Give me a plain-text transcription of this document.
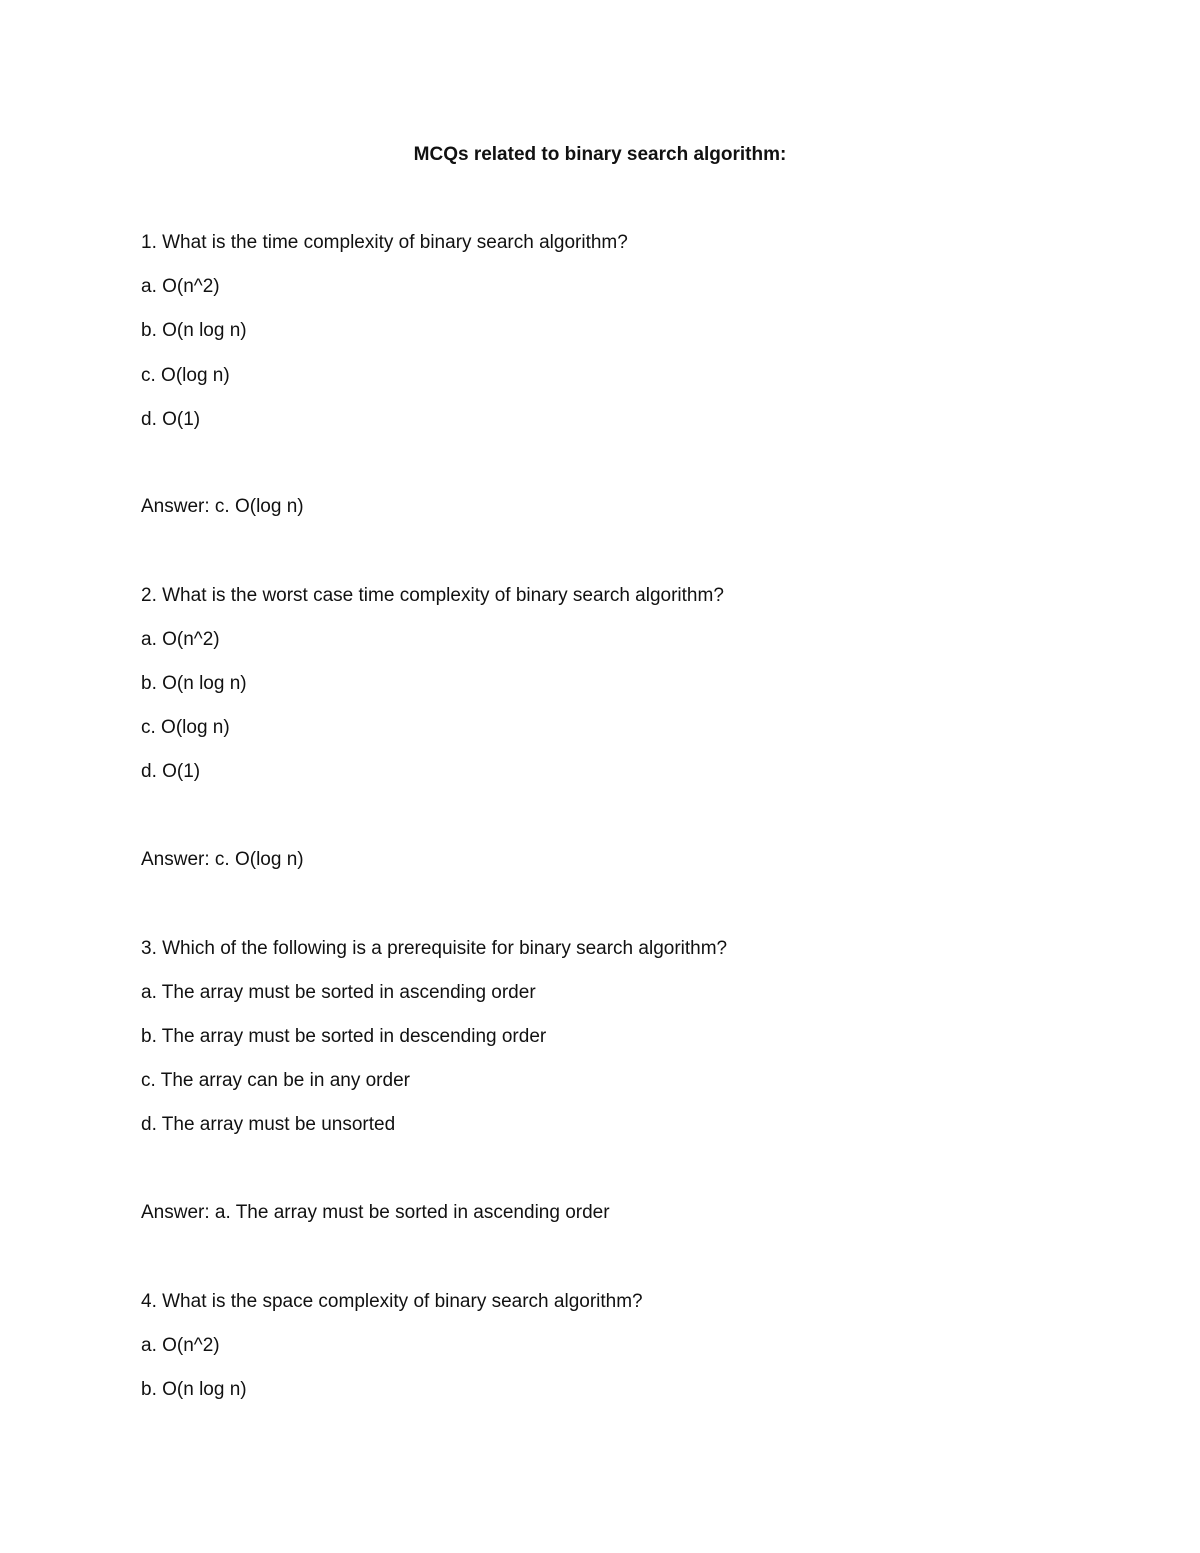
MCQs related to binary search algorithm:
1. What is the time complexity of binary search algorithm?
a. O(n^2)
b. O(n log n)
c. O(log n)
d. O(1)
Answer: c. O(log n)
2. What is the worst case time complexity of binary search algorithm?
a. O(n^2)
b. O(n log n)
c. O(log n)
d. O(1)
Answer: c. O(log n)
3. Which of the following is a prerequisite for binary search algorithm?
a. The array must be sorted in ascending order
b. The array must be sorted in descending order
c. The array can be in any order
d. The array must be unsorted
Answer: a. The array must be sorted in ascending order
4. What is the space complexity of binary search algorithm?
a. O(n^2)
b. O(n log n)
